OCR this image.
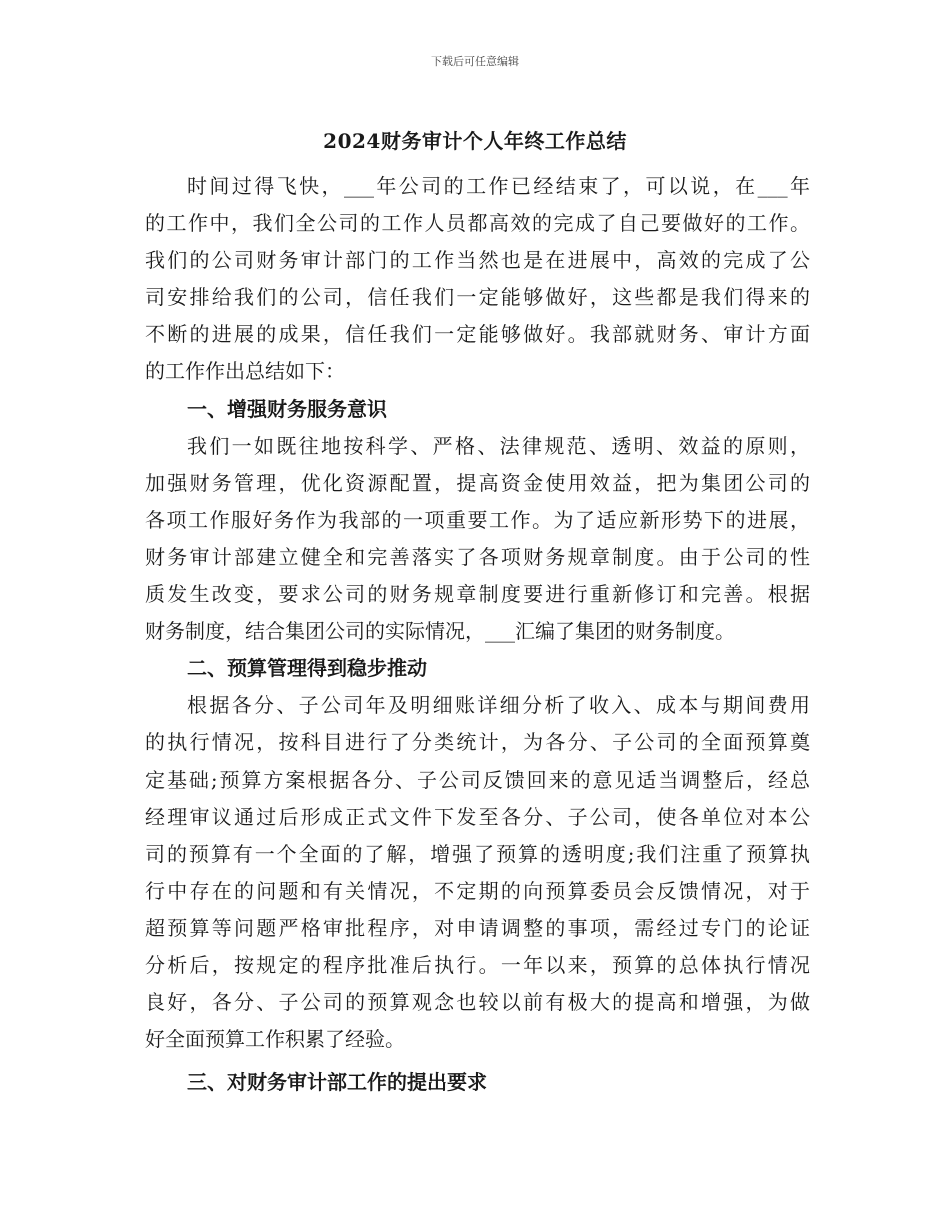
下载后可任意编辑
2024财务审计个人年终工作总结
时间过得飞快，___年公司的工作已经结束了，可以说，在___年
的工作中，我们全公司的工作人员都高效的完成了自己要做好的工作。
我们的公司财务审计部门的工作当然也是在进展中，高效的完成了公
司安排给我们的公司，信任我们一定能够做好，这些都是我们得来的
不断的进展的成果，信任我们一定能够做好。我部就财务、审计方面
的工作作出总结如下：
一、增强财务服务意识
我们一如既往地按科学、严格、法律规范、透明、效益的原则，
加强财务管理，优化资源配置，提高资金使用效益，把为集团公司的
各项工作服好务作为我部的一项重要工作。为了适应新形势下的进展，
财务审计部建立健全和完善落实了各项财务规章制度。由于公司的性
质发生改变，要求公司的财务规章制度要进行重新修订和完善。根据
财务制度，结合集团公司的实际情况，___汇编了集团的财务制度。
二、预算管理得到稳步推动
根据各分、子公司年及明细账详细分析了收入、成本与期间费用
的执行情况，按科目进行了分类统计，为各分、子公司的全面预算奠
定基础;预算方案根据各分、子公司反馈回来的意见适当调整后，经总
经理审议通过后形成正式文件下发至各分、子公司，使各单位对本公
司的预算有一个全面的了解，增强了预算的透明度;我们注重了预算执
行中存在的问题和有关情况，不定期的向预算委员会反馈情况，对于
超预算等问题严格审批程序，对申请调整的事项，需经过专门的论证
分析后，按规定的程序批准后执行。一年以来，预算的总体执行情况
良好，各分、子公司的预算观念也较以前有极大的提高和增强，为做
好全面预算工作积累了经验。
三、对财务审计部工作的提出要求
